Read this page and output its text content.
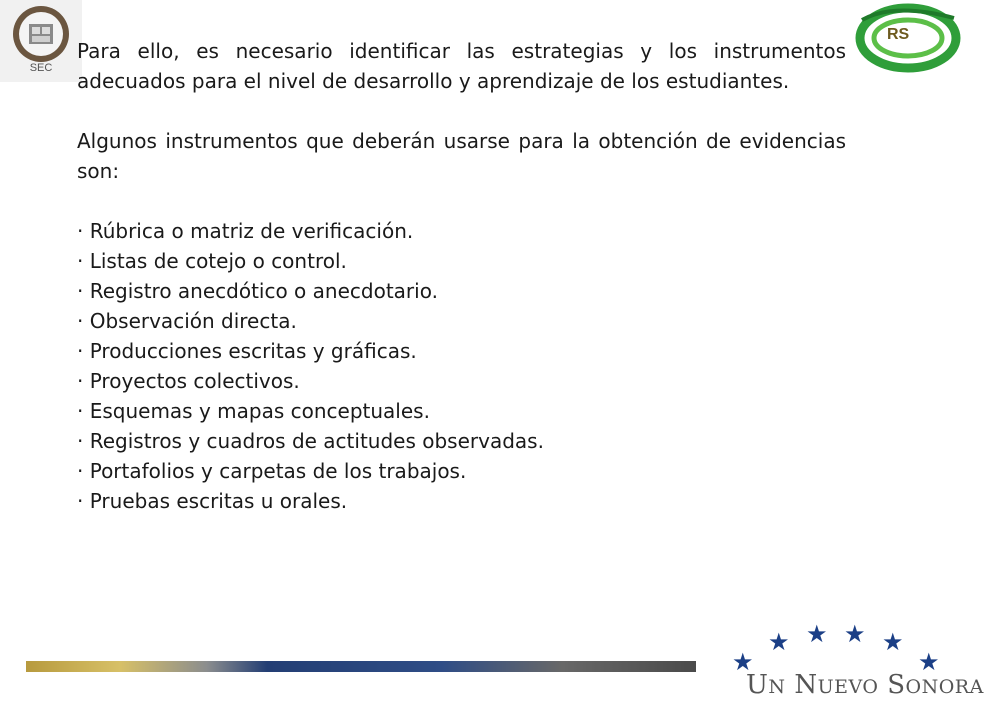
SEC
RS

Para ello, es necesario identificar las estrategias y los instrumentos adecuados para el nivel de desarrollo y aprendizaje de los estudiantes.

Algunos instrumentos que deberán usarse para la obtención de evidencias son:

· Rúbrica o matriz de verificación.
· Listas de cotejo o control.
· Registro anecdótico o anecdotario.
· Observación directa.
· Producciones escritas y gráficas.
· Proyectos colectivos.
· Esquemas y mapas conceptuales.
· Registros y cuadros de actitudes observadas.
· Portafolios y carpetas de los trabajos.
· Pruebas escritas u orales.
★
★ ★ ★ ★
★
UN NUEVO SONORA
